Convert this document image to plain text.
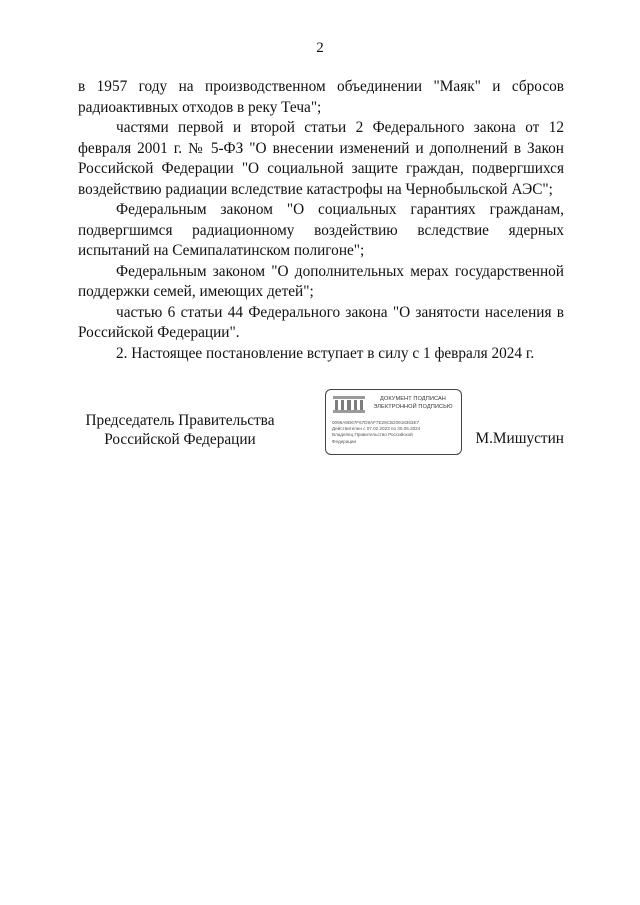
2

в 1957 году на производственном объединении "Маяк" и сбросов радиоактивных отходов в реку Теча";

частями первой и второй статьи 2 Федерального закона от 12 февраля 2001 г. № 5-ФЗ "О внесении изменений и дополнений в Закон Российской Федерации "О социальной защите граждан, подвергшихся воздействию радиации вследствие катастрофы на Чернобыльской АЭС";

Федеральным законом "О социальных гарантиях гражданам, подвергшимся радиационному воздействию вследствие ядерных испытаний на Семипалатинском полигоне";

Федеральным законом "О дополнительных мерах государственной поддержки семей, имеющих детей";

частью 6 статьи 44 Федерального закона "О занятости населения в Российской Федерации".

2. Настоящее постановление вступает в силу с 1 февраля 2024 г.

Председатель Правительства
Российской Федерации
ДОКУМЕНТ ПОДПИСАН
ЭЛЕКТРОННОЙ ПОДПИСЬЮ
0096A9D67F67D9AF7E29CB20918363E7
Действителен с 07.02.2023 по 30.05.2024
Владелец Правительство Российской
Федерации	М.Мишустин
